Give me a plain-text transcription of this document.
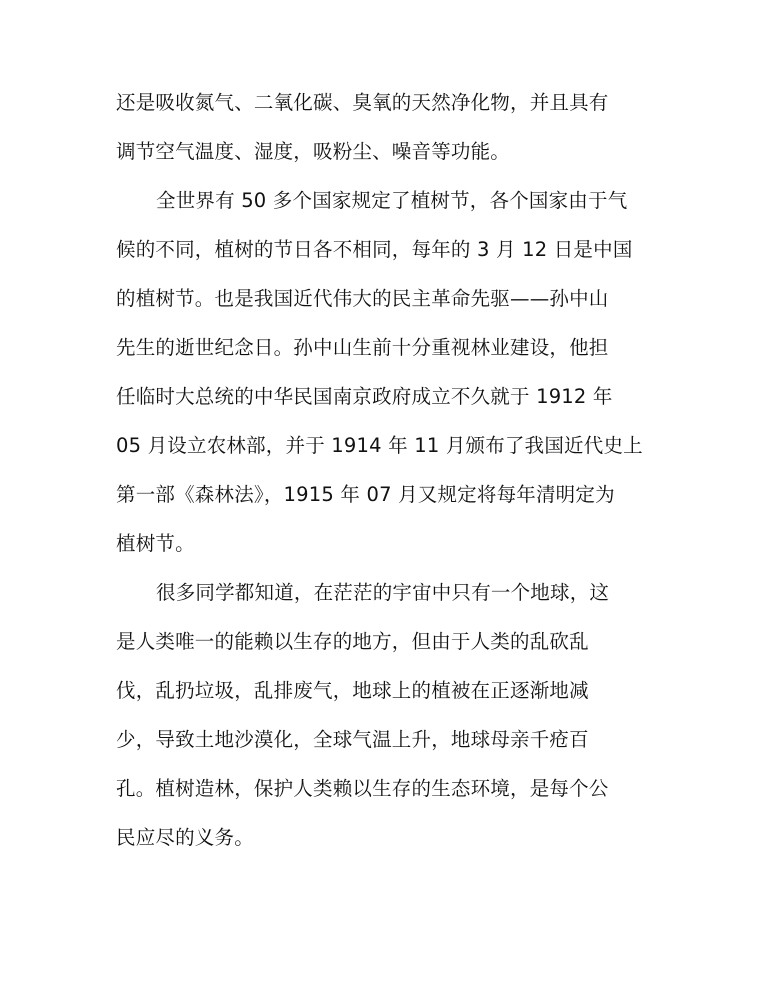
还是吸收氮气、二氧化碳、臭氧的天然净化物，并且具有
调节空气温度、湿度，吸粉尘、噪音等功能。
全世界有 50 多个国家规定了植树节，各个国家由于气
候的不同，植树的节日各不相同，每年的 3 月 12 日是中国
的植树节。也是我国近代伟大的民主革命先驱——孙中山
先生的逝世纪念日。孙中山生前十分重视林业建设，他担
任临时大总统的中华民国南京政府成立不久就于 1912 年
05 月设立农林部，并于 1914 年 11 月颁布了我国近代史上
第一部《森林法》，1915 年 07 月又规定将每年清明定为
植树节。
很多同学都知道，在茫茫的宇宙中只有一个地球，这
是人类唯一的能赖以生存的地方，但由于人类的乱砍乱
伐，乱扔垃圾，乱排废气，地球上的植被在正逐渐地减
少，导致土地沙漠化，全球气温上升，地球母亲千疮百
孔。植树造林，保护人类赖以生存的生态环境，是每个公
民应尽的义务。
